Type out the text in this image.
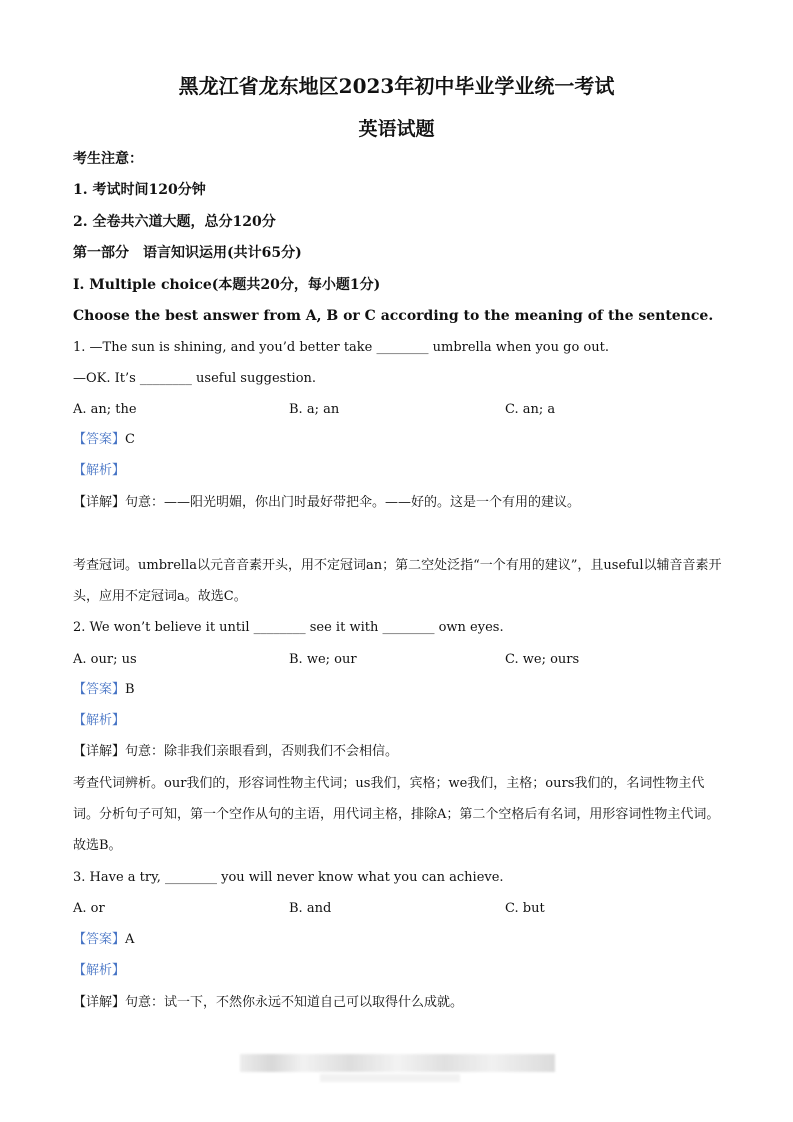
黑龙江省龙东地区2023年初中毕业学业统一考试
英语试题
考生注意：
1. 考试时间120分钟
2. 全卷共六道大题，总分120分
第一部分　语言知识运用(共计65分)
Ⅰ. Multiple choice(本题共20分，每小题1分)
Choose the best answer from A, B or C according to the meaning of the sentence.
1. —The sun is shining, and you’d better take ________ umbrella when you go out.
—OK. It’s ________ useful suggestion.
A. an; the	B. a; an	C. an; a
【答案】C
【解析】
【详解】句意：——阳光明媚，你出门时最好带把伞。——好的。这是一个有用的建议。
考查冠词。umbrella以元音音素开头，用不定冠词an；第二空处泛指“一个有用的建议”，且useful以辅音音素开头，应用不定冠词a。故选C。
2. We won’t believe it until ________ see it with ________ own eyes.
A. our; us	B. we; our	C. we; ours
【答案】B
【解析】
【详解】句意：除非我们亲眼看到，否则我们不会相信。
考查代词辨析。our我们的，形容词性物主代词；us我们，宾格；we我们，主格；ours我们的，名词性物主代词。分析句子可知，第一个空作从句的主语，用代词主格，排除A；第二个空格后有名词，用形容词性物主代词。故选B。
3. Have a try, ________ you will never know what you can achieve.
A. or	B. and	C. but
【答案】A
【解析】
【详解】句意：试一下，不然你永远不知道自己可以取得什么成就。
